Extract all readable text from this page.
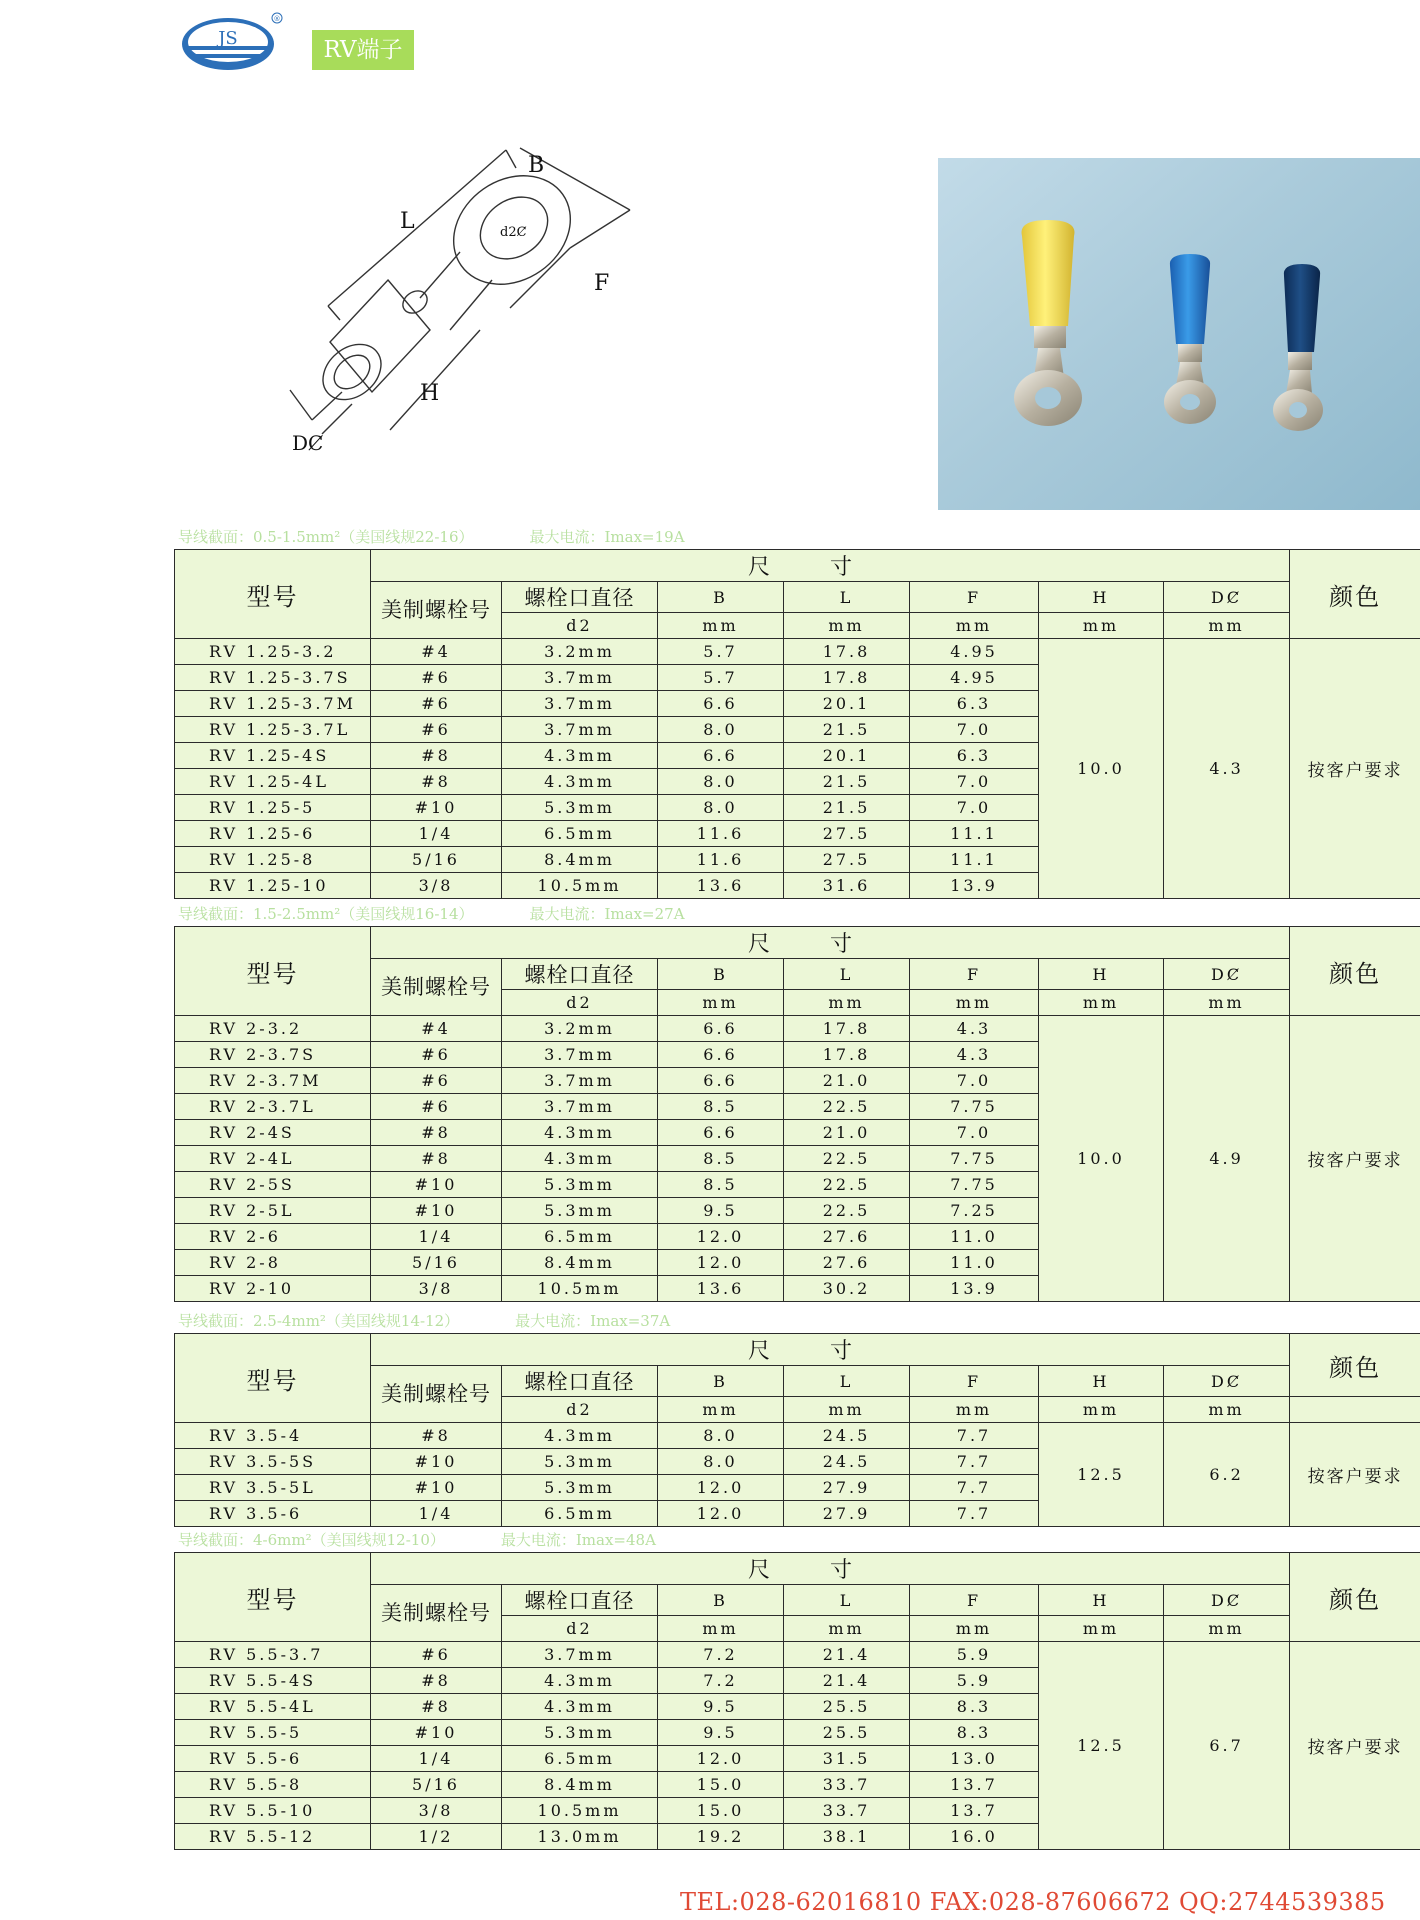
JS
®
RV端子
B
L
F
H
DȻ
d2Ȼ
导线截面：0.5-1.5mm²（美国线规22-16）	最大电流：Imax=19A
型号	尺寸							颜色
	美制螺栓号	螺栓口直径	B	L	F	H	DȻ	
		d2	mm	mm	mm	mm	mm	
RV 1.25-3.2	#4	3.2mm	5.7	17.8	4.95	10.0	4.3	按客户要求
RV 1.25-3.7S	#6	3.7mm	5.7	17.8	4.95			
RV 1.25-3.7M	#6	3.7mm	6.6	20.1	6.3			
RV 1.25-3.7L	#6	3.7mm	8.0	21.5	7.0			
RV 1.25-4S	#8	4.3mm	6.6	20.1	6.3			
RV 1.25-4L	#8	4.3mm	8.0	21.5	7.0			
RV 1.25-5	#10	5.3mm	8.0	21.5	7.0			
RV 1.25-6	1/4	6.5mm	11.6	27.5	11.1			
RV 1.25-8	5/16	8.4mm	11.6	27.5	11.1			
RV 1.25-10	3/8	10.5mm	13.6	31.6	13.9			
导线截面：1.5-2.5mm²（美国线规16-14）	最大电流：Imax=27A
型号	尺寸							颜色
	美制螺栓号	螺栓口直径	B	L	F	H	DȻ	
		d2	mm	mm	mm	mm	mm	
RV 2-3.2	#4	3.2mm	6.6	17.8	4.3	10.0	4.9	按客户要求
RV 2-3.7S	#6	3.7mm	6.6	17.8	4.3			
RV 2-3.7M	#6	3.7mm	6.6	21.0	7.0			
RV 2-3.7L	#6	3.7mm	8.5	22.5	7.75			
RV 2-4S	#8	4.3mm	6.6	21.0	7.0			
RV 2-4L	#8	4.3mm	8.5	22.5	7.75			
RV 2-5S	#10	5.3mm	8.5	22.5	7.75			
RV 2-5L	#10	5.3mm	9.5	22.5	7.25			
RV 2-6	1/4	6.5mm	12.0	27.6	11.0			
RV 2-8	5/16	8.4mm	12.0	27.6	11.0			
RV 2-10	3/8	10.5mm	13.6	30.2	13.9			
导线截面：2.5-4mm²（美国线规14-12）	最大电流：Imax=37A
型号	尺寸							颜色
	美制螺栓号	螺栓口直径	B	L	F	H	DȻ	
		d2	mm	mm	mm	mm	mm	
RV 3.5-4	#8	4.3mm	8.0	24.5	7.7	12.5	6.2	按客户要求
RV 3.5-5S	#10	5.3mm	8.0	24.5	7.7			
RV 3.5-5L	#10	5.3mm	12.0	27.9	7.7			
RV 3.5-6	1/4	6.5mm	12.0	27.9	7.7			
导线截面：4-6mm²（美国线规12-10）	最大电流：Imax=48A
型号	尺寸							颜色
	美制螺栓号	螺栓口直径	B	L	F	H	DȻ	
		d2	mm	mm	mm	mm	mm	
RV 5.5-3.7	#6	3.7mm	7.2	21.4	5.9	12.5	6.7	按客户要求
RV 5.5-4S	#8	4.3mm	7.2	21.4	5.9			
RV 5.5-4L	#8	4.3mm	9.5	25.5	8.3			
RV 5.5-5	#10	5.3mm	9.5	25.5	8.3			
RV 5.5-6	1/4	6.5mm	12.0	31.5	13.0			
RV 5.5-8	5/16	8.4mm	15.0	33.7	13.7			
RV 5.5-10	3/8	10.5mm	15.0	33.7	13.7			
RV 5.5-12	1/2	13.0mm	19.2	38.1	16.0			
TEL:028-62016810 FAX:028-87606672 QQ:2744539385
